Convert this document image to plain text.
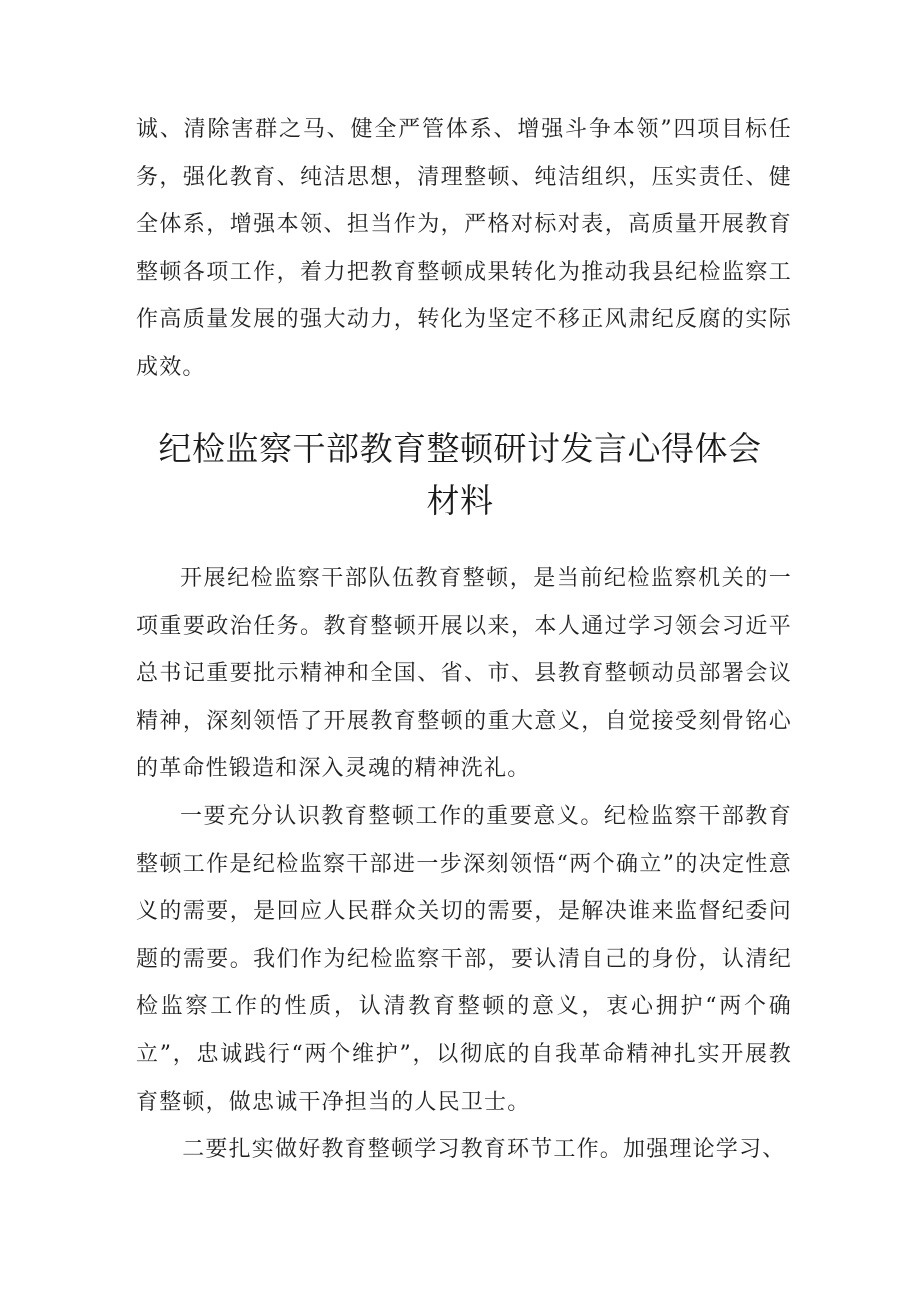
诚、清除害群之马、健全严管体系、增强斗争本领”四项目标任务，强化教育、纯洁思想，清理整顿、纯洁组织，压实责任、健全体系，增强本领、担当作为，严格对标对表，高质量开展教育整顿各项工作，着力把教育整顿成果转化为推动我县纪检监察工作高质量发展的强大动力，转化为坚定不移正风肃纪反腐的实际成效。
纪检监察干部教育整顿研讨发言心得体会
材料

开展纪检监察干部队伍教育整顿，是当前纪检监察机关的一项重要政治任务。教育整顿开展以来，本人通过学习领会习近平总书记重要批示精神和全国、省、市、县教育整顿动员部署会议精神，深刻领悟了开展教育整顿的重大意义，自觉接受刻骨铭心的革命性锻造和深入灵魂的精神洗礼。

一要充分认识教育整顿工作的重要意义。纪检监察干部教育整顿工作是纪检监察干部进一步深刻领悟“两个确立”的决定性意义的需要，是回应人民群众关切的需要，是解决谁来监督纪委问题的需要。我们作为纪检监察干部，要认清自己的身份，认清纪检监察工作的性质，认清教育整顿的意义，衷心拥护“两个确立”，忠诚践行“两个维护”，以彻底的自我革命精神扎实开展教育整顿，做忠诚干净担当的人民卫士。

二要扎实做好教育整顿学习教育环节工作。加强理论学习、
